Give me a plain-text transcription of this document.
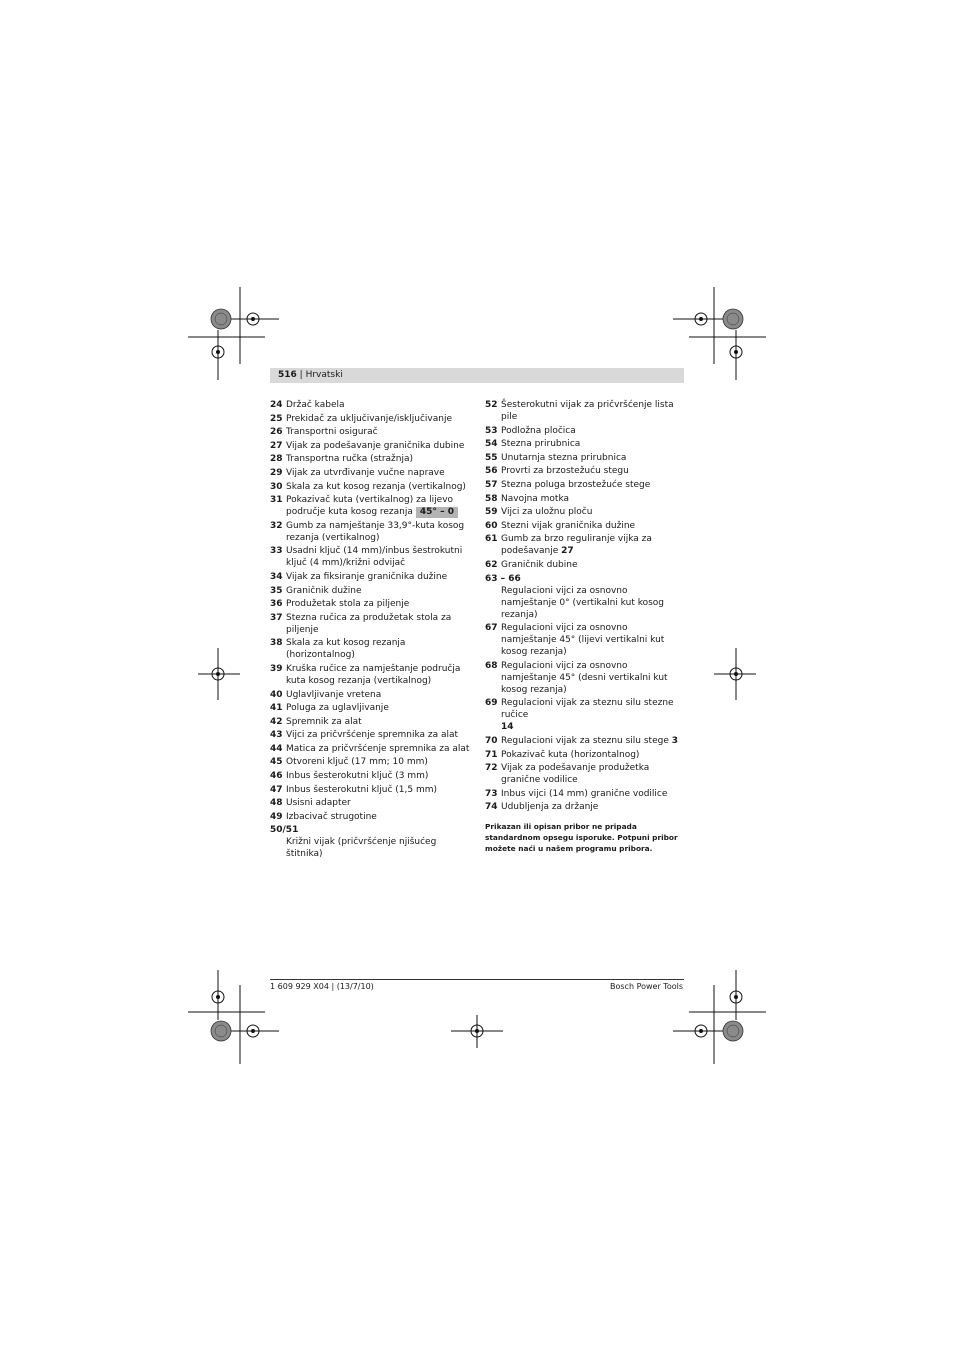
516 | Hrvatski
24 Držač kabela
25 Prekidač za uključivanje/isključivanje
26 Transportni osigurač
27 Vijak za podešavanje graničnika dubine
28 Transportna ručka (stražnja)
29 Vijak za utvrđivanje vučne naprave
30 Skala za kut kosog rezanja (vertikalnog)
31 Pokazivač kuta (vertikalnog) za lijevo područje kuta kosog rezanja 45° – 0
32 Gumb za namještanje 33,9°-kuta kosog rezanja (vertikalnog)
33 Usadni ključ (14 mm)/inbus šestrokutni ključ (4 mm)/križni odvijač
34 Vijak za fiksiranje graničnika dužine
35 Graničnik dužine
36 Produžetak stola za piljenje
37 Stezna ručica za produžetak stola za piljenje
38 Skala za kut kosog rezanja (horizontalnog)
39 Kruška ručice za namještanje područja kuta kosog rezanja (vertikalnog)
40 Uglavljivanje vretena
41 Poluga za uglavljivanje
42 Spremnik za alat
43 Vijci za pričvršćenje spremnika za alat
44 Matica za pričvršćenje spremnika za alat
45 Otvoreni ključ (17 mm; 10 mm)
46 Inbus šesterokutni ključ (3 mm)
47 Inbus šesterokutni ključ (1,5 mm)
48 Usisni adapter
49 Izbacivač strugotine
50/51
Križni vijak (pričvršćenje njišućeg štitnika)
52 Šesterokutni vijak za pričvršćenje lista pile
53 Podložna pločica
54 Stezna prirubnica
55 Unutarnja stezna prirubnica
56 Provrti za brzostežuću stegu
57 Stezna poluga brzostežuće stege
58 Navojna motka
59 Vijci za uložnu ploču
60 Stezni vijak graničnika dužine
61 Gumb za brzo reguliranje vijka za podešavanje 27
62 Graničnik dubine
63 – 66
Regulacioni vijci za osnovno namještanje 0° (vertikalni kut kosog rezanja)
67 Regulacioni vijci za osnovno namještanje 45° (lijevi vertikalni kut kosog rezanja)
68 Regulacioni vijci za osnovno namještanje 45° (desni vertikalni kut kosog rezanja)
69 Regulacioni vijak za steznu silu stezne ručice
14
70 Regulacioni vijak za steznu silu stege 3
71 Pokazivač kuta (horizontalnog)
72 Vijak za podešavanje produžetka graničnе vodilice
73 Inbus vijci (14 mm) graničnе vodilice
74 Udubljenja za držanje
Prikazan ili opisan pribor ne pripada standardnom opsegu isporuke. Potpuni pribor možete naći u našem programu pribora.
1 609 929 X04 | (13/7/10)	Bosch Power Tools
